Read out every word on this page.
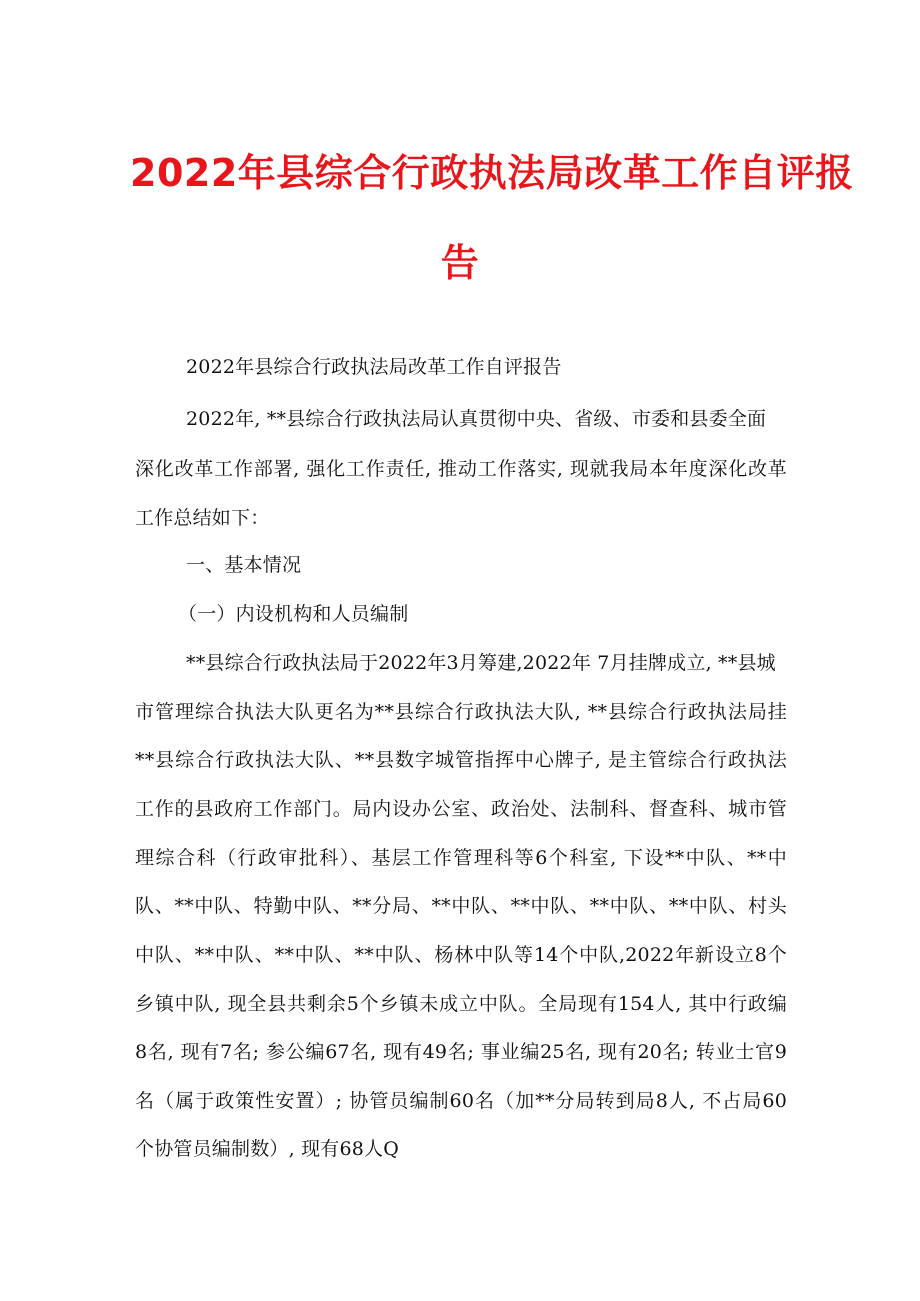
2022年县综合行政执法局改革工作自评报
告
2022年县综合行政执法局改革工作自评报告
2022年, **县综合行政执法局认真贯彻中央、省级、市委和县委全面
深化改革工作部署, 强化工作责任, 推动工作落实, 现就我局本年度深化改革
工作总结如下：
一、基本情况
（一）内设机构和人员编制
**县综合行政执法局于2022年3月筹建,2022年 7月挂牌成立, **县城
市管理综合执法大队更名为**县综合行政执法大队, **县综合行政执法局挂
**县综合行政执法大队、**县数字城管指挥中心牌子, 是主管综合行政执法
工作的县政府工作部门。局内设办公室、政治处、法制科、督查科、城市管
理综合科（行政审批科）、基层工作管理科等6个科室, 下设**中队、**中
队、**中队、特勤中队、**分局、**中队、**中队、**中队、**中队、村头
中队、**中队、**中队、**中队、杨林中队等14个中队,2022年新设立8个
乡镇中队, 现全县共剩余5个乡镇未成立中队。全局现有154人, 其中行政编
8名, 现有7名; 参公编67名, 现有49名; 事业编25名, 现有20名; 转业士官9
名（属于政策性安置）; 协管员编制60名（加**分局转到局8人, 不占局60
个协管员编制数）, 现有68人Q
